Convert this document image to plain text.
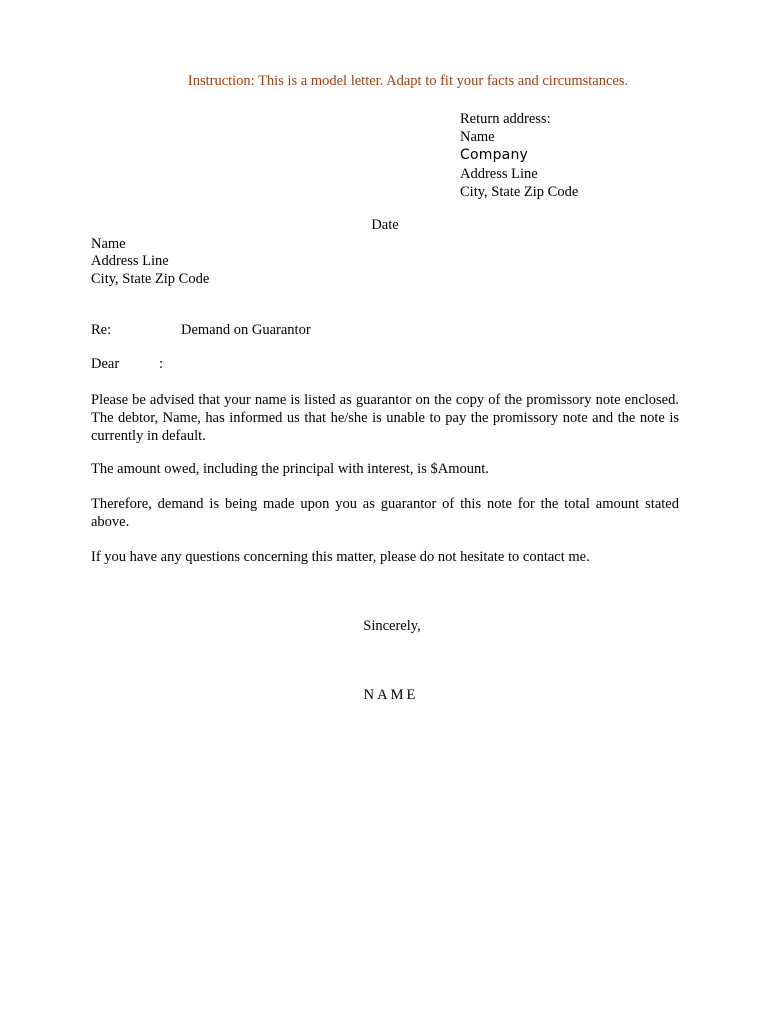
Instruction: This is a model letter. Adapt to fit your facts and circumstances.
Return address:
Name
Company
Address Line
City, State Zip Code
Date
Name
Address Line
City, State Zip Code
Re:	Demand on Guarantor
Dear	:
Please be advised that your name is listed as guarantor on the copy of the promissory note enclosed. The debtor, Name, has informed us that he/she is unable to pay the promissory note and the note is currently in default.
The amount owed, including the principal with interest, is $Amount.
Therefore, demand is being made upon you as guarantor of this note for the total amount stated above.
If you have any questions concerning this matter, please do not hesitate to contact me.
Sincerely,
NAME
